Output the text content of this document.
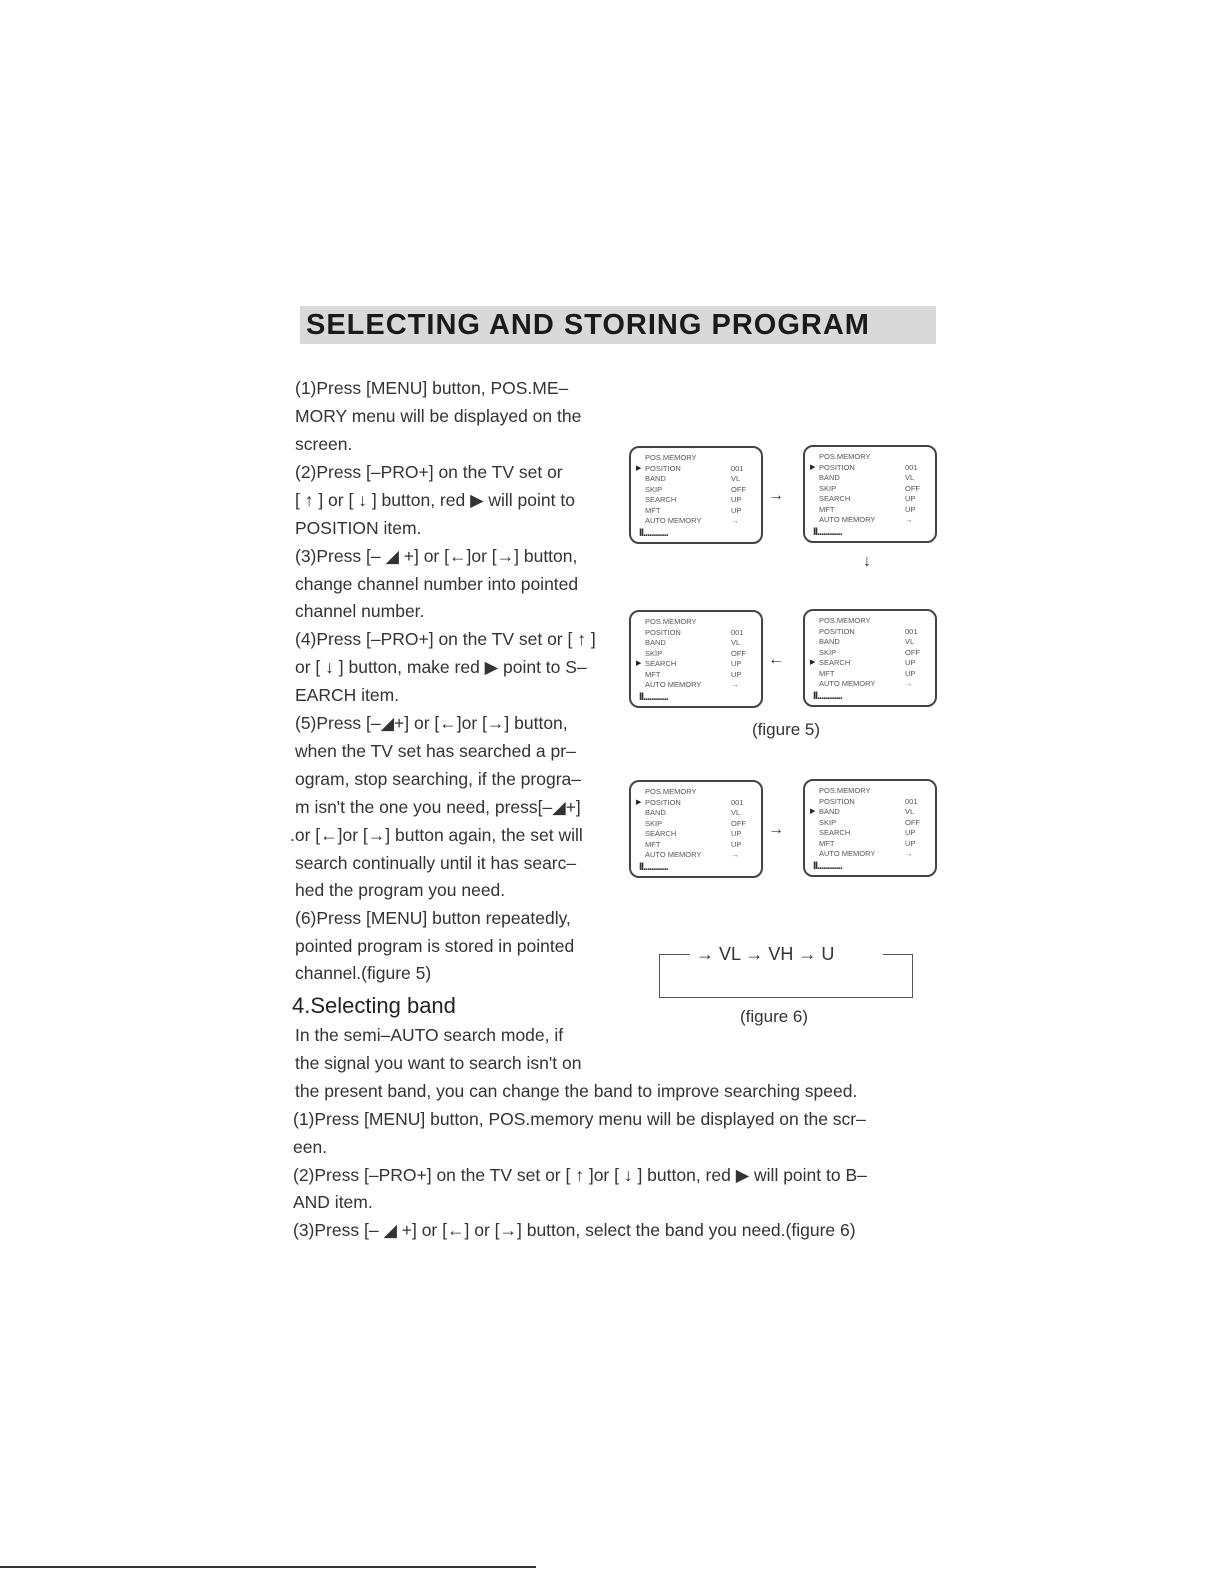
SELECTING AND STORING PROGRAM
(1)Press [MENU] button, POS.ME–
MORY menu will be displayed on the
screen.
(2)Press [–PRO+] on the TV set or
[ ↑ ] or [ ↓ ] button, red ▶ will point to
POSITION item.
(3)Press [– ◢ +] or [←]or [→] button,
change channel number into pointed
channel number.
(4)Press [–PRO+] on the TV set or [ ↑ ]
or [ ↓ ] button, make red ▶ point to S–
EARCH item.
(5)Press [–◢+] or [←]or [→] button,
when the TV set has searched a pr–
ogram, stop searching, if the progra–
m isn't the one you need, press[–◢+]
.or [←]or [→] button again, the set will
search continually until it has searc–
hed the program you need.
(6)Press [MENU] button repeatedly,
pointed program is stored in pointed
channel.(figure 5)
4.Selecting band
In the semi–AUTO search mode, if
the signal you want to search isn't on
the present band, you can change the band to improve searching speed.
(1)Press [MENU] button, POS.memory menu will be displayed on the scr–
een.
(2)Press [–PRO+] on the TV set or [ ↑ ]or [ ↓ ] button, red ▶ will point to B–
AND item.
(3)Press [– ◢ +] or [←] or [→] button, select the band you need.(figure 6)
POS.MEMORY
▶ POSITION	001
BAND	VL
SKIP	OFF
SEARCH	UP
MFT	UP
AUTO MEMORY	→
II............
POS.MEMORY
▶ POSITION	001
BAND	VL
SKIP	OFF
SEARCH	UP
MFT	UP
AUTO MEMORY	→
II............
POS.MEMORY
POSITION	001
BAND	VL
SKIP	OFF
▶ SEARCH	UP
MFT	UP
AUTO MEMORY	→
II............
POS.MEMORY
POSITION	001
BAND	VL
SKIP	OFF
▶ SEARCH	UP
MFT	UP
AUTO MEMORY	→
II............
→
↓
←
(figure 5)
POS.MEMORY
▶ POSITION	001
BAND	VL
SKIP	OFF
SEARCH	UP
MFT	UP
AUTO MEMORY	→
II............
POS.MEMORY
POSITION	001
▶ BAND	VL
SKIP	OFF
SEARCH	UP
MFT	UP
AUTO MEMORY	→
II............
→
→ VL → VH → U
(figure 6)
